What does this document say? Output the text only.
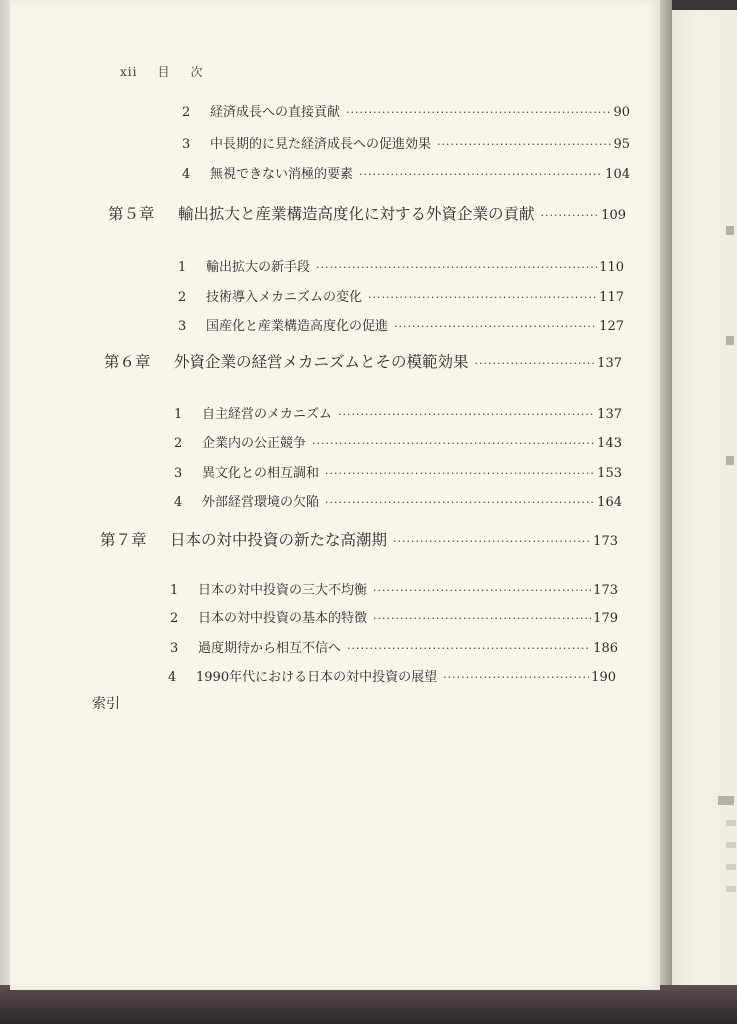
xii 目 次
2	経済成長への直接貢献 ·····	90
3	中長期的に見た経済成長への促進効果 ·····	95
4	無視できない消極的要素 ·····	104
第５章	輸出拡大と産業構造高度化に対する外資企業の貢献 ·····	109
1	輸出拡大の新手段 ·····	110
2	技術導入メカニズムの変化 ·····	117
3	国産化と産業構造高度化の促進 ·····	127
第６章	外資企業の経営メカニズムとその模範効果 ·····	137
1	自主経営のメカニズム ·····	137
2	企業内の公正競争 ·····	143
3	異文化との相互調和 ·····	153
4	外部経営環境の欠陥 ·····	164
第７章	日本の対中投資の新たな高潮期 ·····	173
1	日本の対中投資の三大不均衡 ·····	173
2	日本の対中投資の基本的特徴 ·····	179
3	過度期待から相互不信へ ·····	186
4	1990年代における日本の対中投資の展望 ·····	190
索引
